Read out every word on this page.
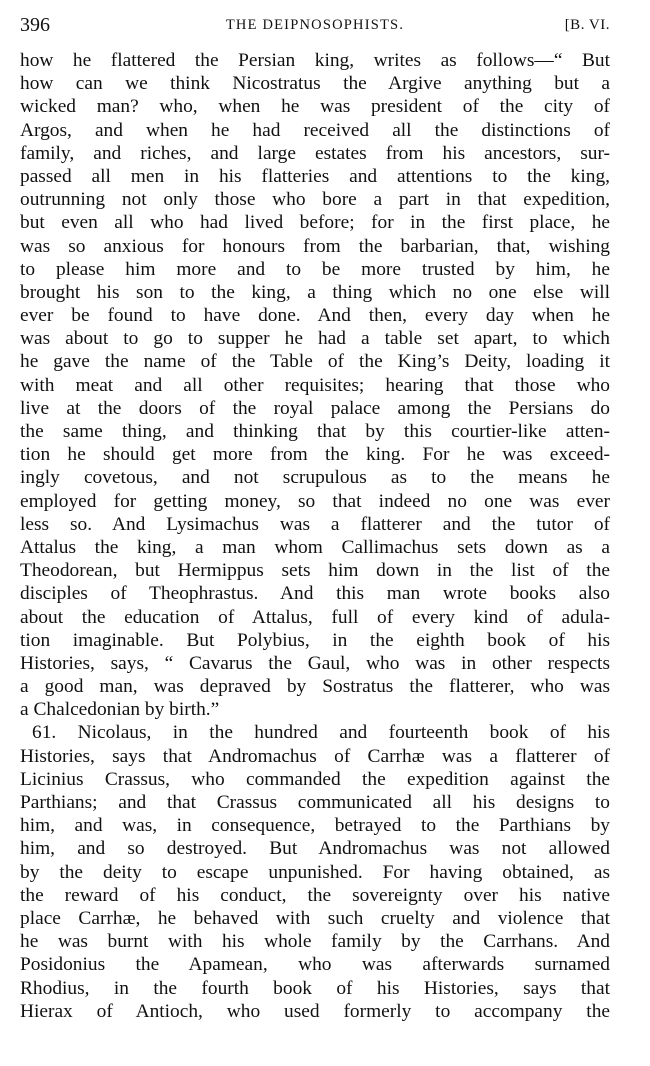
396	THE DEIPNOSOPHISTS.	[B. VI.
how he flattered the Persian king, writes as follows—“ But
how can we think Nicostratus the Argive anything but a
wicked man? who, when he was president of the city of
Argos, and when he had received all the distinctions of
family, and riches, and large estates from his ancestors, sur-
passed all men in his flatteries and attentions to the king,
outrunning not only those who bore a part in that expedition,
but even all who had lived before; for in the first place, he
was so anxious for honours from the barbarian, that, wishing
to please him more and to be more trusted by him, he
brought his son to the king, a thing which no one else will
ever be found to have done. And then, every day when he
was about to go to supper he had a table set apart, to which
he gave the name of the Table of the King’s Deity, loading it
with meat and all other requisites; hearing that those who
live at the doors of the royal palace among the Persians do
the same thing, and thinking that by this courtier-like atten-
tion he should get more from the king. For he was exceed-
ingly covetous, and not scrupulous as to the means he
employed for getting money, so that indeed no one was ever
less so. And Lysimachus was a flatterer and the tutor of
Attalus the king, a man whom Callimachus sets down as a
Theodorean, but Hermippus sets him down in the list of the
disciples of Theophrastus. And this man wrote books also
about the education of Attalus, full of every kind of adula-
tion imaginable. But Polybius, in the eighth book of his
Histories, says, “ Cavarus the Gaul, who was in other respects
a good man, was depraved by Sostratus the flatterer, who was
a Chalcedonian by birth.”
61. Nicolaus, in the hundred and fourteenth book of his
Histories, says that Andromachus of Carrhæ was a flatterer of
Licinius Crassus, who commanded the expedition against the
Parthians; and that Crassus communicated all his designs to
him, and was, in consequence, betrayed to the Parthians by
him, and so destroyed. But Andromachus was not allowed
by the deity to escape unpunished. For having obtained, as
the reward of his conduct, the sovereignty over his native
place Carrhæ, he behaved with such cruelty and violence that
he was burnt with his whole family by the Carrhans. And
Posidonius the Apamean, who was afterwards surnamed
Rhodius, in the fourth book of his Histories, says that
Hierax of Antioch, who used formerly to accompany the
